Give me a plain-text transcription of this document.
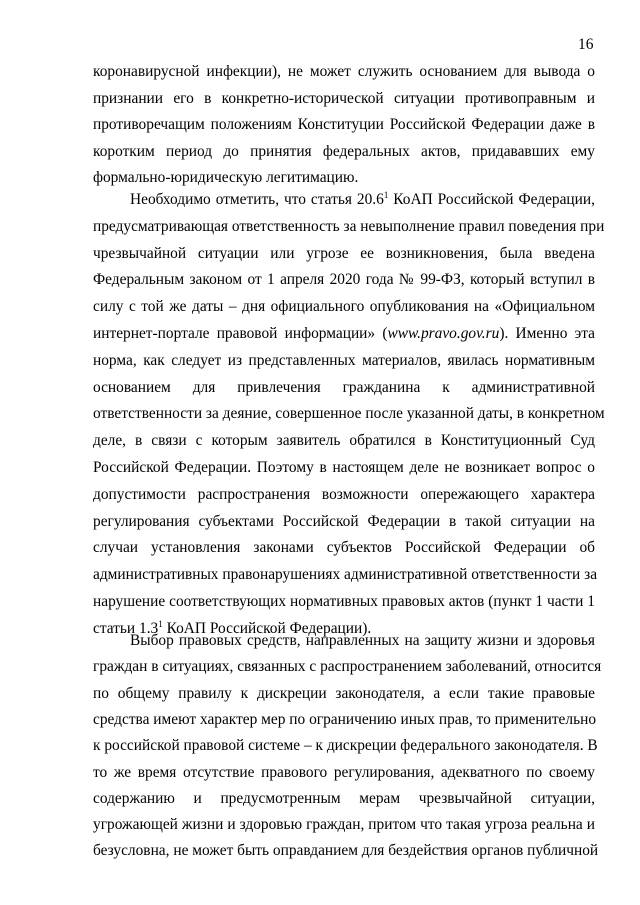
16
коронавирусной инфекции), не может служить основанием для вывода о
признании его в конкретно-исторической ситуации противоправным и
противоречащим положениям Конституции Российской Федерации даже в
коротким период до принятия федеральных актов, придававших ему
формально-юридическую легитимацию.
Необходимо отметить, что статья 20.6$^1$ КоАП Российской Федерации,
предусматривающая ответственность за невыполнение правил поведения при
чрезвычайной ситуации или угрозе ее возникновения, была введена
Федеральным законом от 1 апреля 2020 года № 99-ФЗ, который вступил в
силу с той же даты – дня официального опубликования на «Официальном
интернет-портале правовой информации» (www.pravo.gov.ru). Именно эта
норма, как следует из представленных материалов, явилась нормативным
основанием для привлечения гражданина к административной
ответственности за деяние, совершенное после указанной даты, в конкретном
деле, в связи с которым заявитель обратился в Конституционный Суд
Российской Федерации. Поэтому в настоящем деле не возникает вопрос о
допустимости распространения возможности опережающего характера
регулирования субъектами Российской Федерации в такой ситуации на
случаи установления законами субъектов Российской Федерации об
административных правонарушениях административной ответственности за
нарушение соответствующих нормативных правовых актов (пункт 1 части 1
статьи $1.3^1$ КоАП Российской Федерации).
Выбор правовых средств, направленных на защиту жизни и здоровья
граждан в ситуациях, связанных с распространением заболеваний, относится
по общему правилу к дискреции законодателя, а если такие правовые
средства имеют характер мер по ограничению иных прав, то применительно
к российской правовой системе – к дискреции федерального законодателя. В
то же время отсутствие правового регулирования, адекватного по своему
содержанию и предусмотренным мерам чрезвычайной ситуации,
угрожающей жизни и здоровью граждан, притом что такая угроза реальна и
безусловна, не может быть оправданием для бездействия органов публичной
